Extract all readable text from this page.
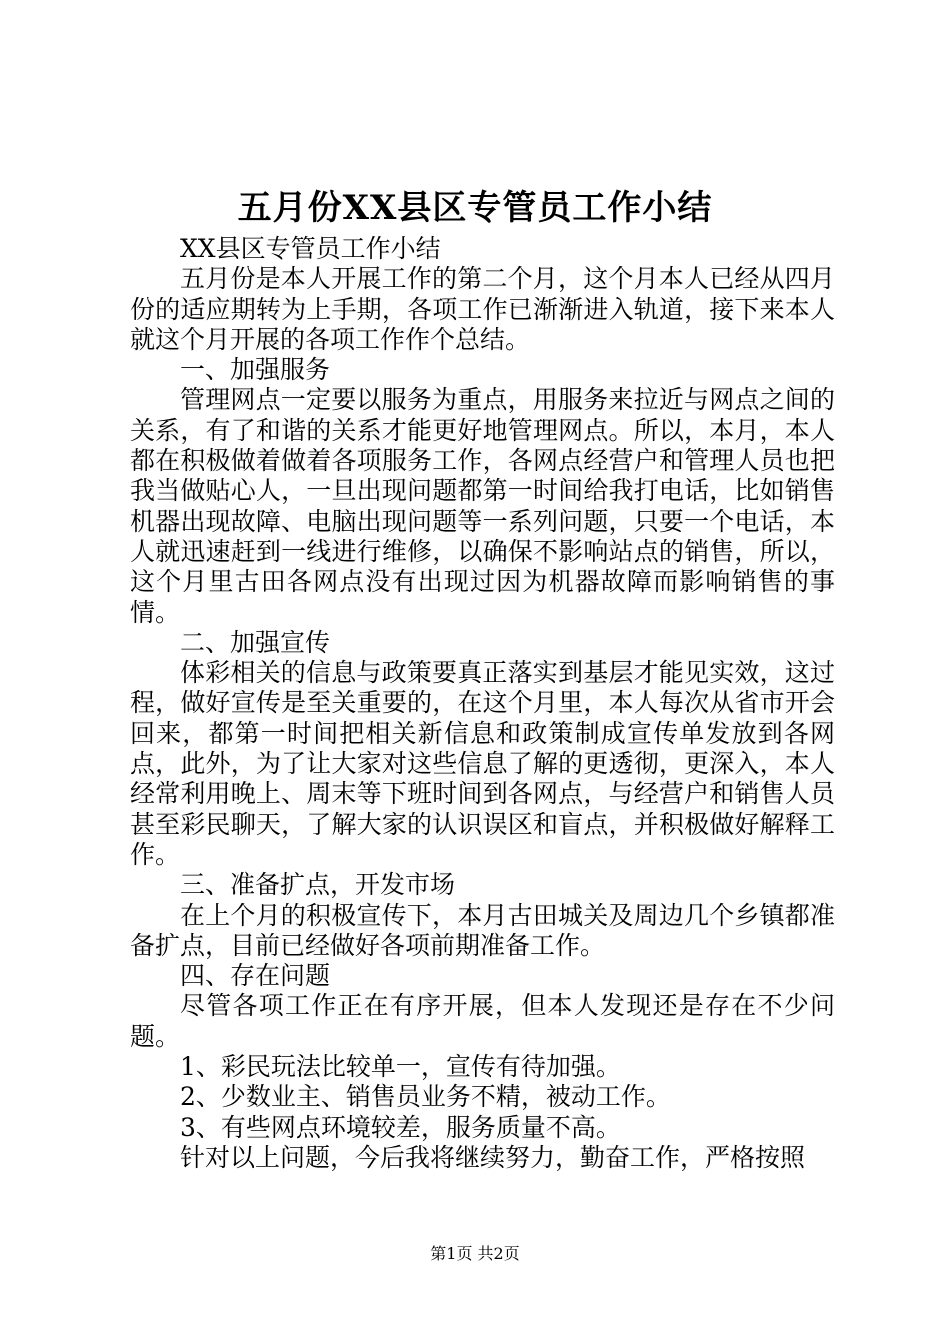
五月份XX县区专管员工作小结

XX县区专管员工作小结

五月份是本人开展工作的第二个月，这个月本人已经从四月份的适应期转为上手期，各项工作已渐渐进入轨道，接下来本人就这个月开展的各项工作作个总结。

一、加强服务

管理网点一定要以服务为重点，用服务来拉近与网点之间的关系，有了和谐的关系才能更好地管理网点。所以，本月，本人都在积极做着做着各项服务工作，各网点经营户和管理人员也把我当做贴心人，一旦出现问题都第一时间给我打电话，比如销售机器出现故障、电脑出现问题等一系列问题，只要一个电话，本人就迅速赶到一线进行维修，以确保不影响站点的销售，所以，这个月里古田各网点没有出现过因为机器故障而影响销售的事情。

二、加强宣传

体彩相关的信息与政策要真正落实到基层才能见实效，这过程，做好宣传是至关重要的，在这个月里，本人每次从省市开会回来，都第一时间把相关新信息和政策制成宣传单发放到各网点，此外，为了让大家对这些信息了解的更透彻，更深入，本人经常利用晚上、周末等下班时间到各网点，与经营户和销售人员甚至彩民聊天，了解大家的认识误区和盲点，并积极做好解释工作。

三、准备扩点，开发市场

在上个月的积极宣传下，本月古田城关及周边几个乡镇都准备扩点，目前已经做好各项前期准备工作。

四、存在问题

尽管各项工作正在有序开展，但本人发现还是存在不少问题。

1、彩民玩法比较单一，宣传有待加强。

2、少数业主、销售员业务不精，被动工作。

3、有些网点环境较差，服务质量不高。

针对以上问题，今后我将继续努力，勤奋工作，严格按照

第1页 共2页
